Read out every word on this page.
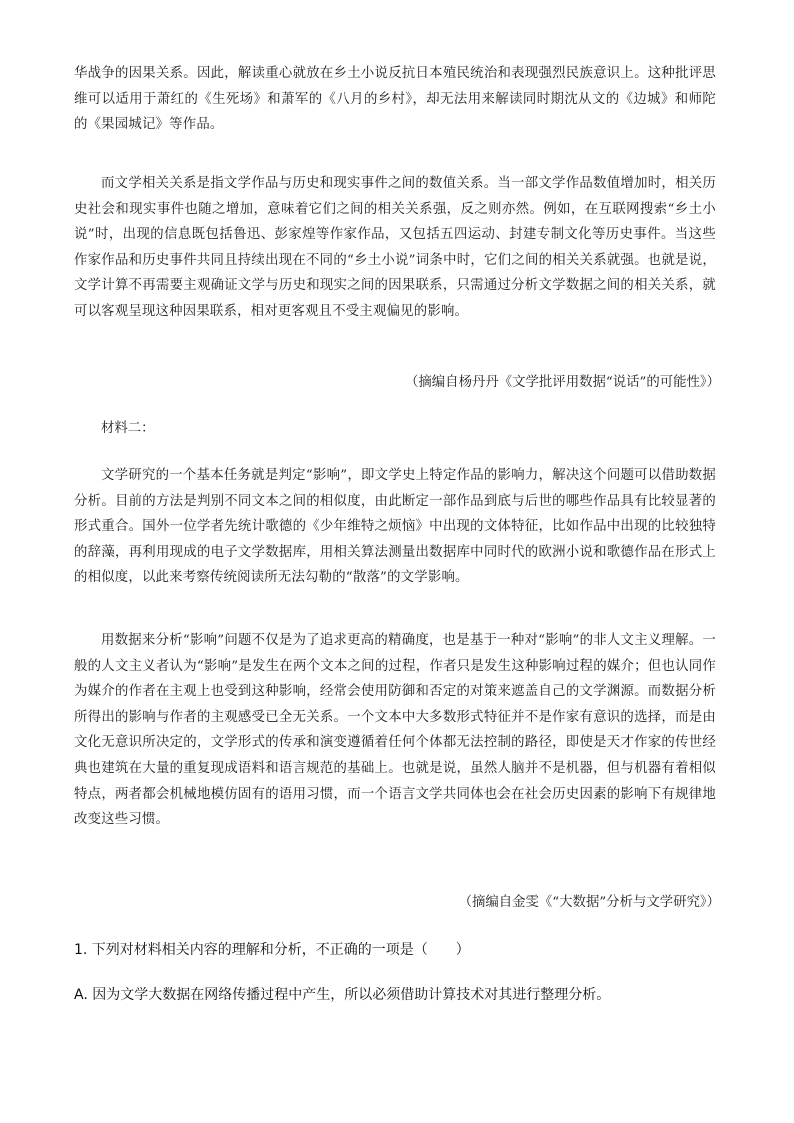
华战争的因果关系。因此，解读重心就放在乡土小说反抗日本殖民统治和表现强烈民族意识上。这种批评思维可以适用于萧红的《生死场》和萧军的《八月的乡村》，却无法用来解读同时期沈从文的《边城》和师陀的《果园城记》等作品。

而文学相关关系是指文学作品与历史和现实事件之间的数值关系。当一部文学作品数值增加时，相关历史社会和现实事件也随之增加，意味着它们之间的相关关系强，反之则亦然。例如，在互联网搜索“乡土小说”时，出现的信息既包括鲁迅、彭家煌等作家作品，又包括五四运动、封建专制文化等历史事件。当这些作家作品和历史事件共同且持续出现在不同的“乡土小说”词条中时，它们之间的相关关系就强。也就是说，文学计算不再需要主观确证文学与历史和现实之间的因果联系，只需通过分析文学数据之间的相关关系，就可以客观呈现这种因果联系，相对更客观且不受主观偏见的影响。

（摘编自杨丹丹《文学批评用数据“说话”的可能性》）

材料二：

文学研究的一个基本任务就是判定“影响”，即文学史上特定作品的影响力，解决这个问题可以借助数据分析。目前的方法是判别不同文本之间的相似度，由此断定一部作品到底与后世的哪些作品具有比较显著的形式重合。国外一位学者先统计歌德的《少年维特之烦恼》中出现的文体特征，比如作品中出现的比较独特的辞藻，再利用现成的电子文学数据库，用相关算法测量出数据库中同时代的欧洲小说和歌德作品在形式上的相似度，以此来考察传统阅读所无法勾勒的“散落”的文学影响。

用数据来分析“影响”问题不仅是为了追求更高的精确度，也是基于一种对“影响”的非人文主义理解。一般的人文主义者认为“影响”是发生在两个文本之间的过程，作者只是发生这种影响过程的媒介；但也认同作为媒介的作者在主观上也受到这种影响，经常会使用防御和否定的对策来遮盖自己的文学渊源。而数据分析所得出的影响与作者的主观感受已全无关系。一个文本中大多数形式特征并不是作家有意识的选择，而是由文化无意识所决定的，文学形式的传承和演变遵循着任何个体都无法控制的路径，即使是天才作家的传世经典也建筑在大量的重复现成语料和语言规范的基础上。也就是说，虽然人脑并不是机器，但与机器有着相似特点，两者都会机械地模仿固有的语用习惯，而一个语言文学共同体也会在社会历史因素的影响下有规律地改变这些习惯。

（摘编自金雯《“大数据”分析与文学研究》）

1. 下列对材料相关内容的理解和分析，不正确的一项是（　　）

A. 因为文学大数据在网络传播过程中产生，所以必须借助计算技术对其进行整理分析。
